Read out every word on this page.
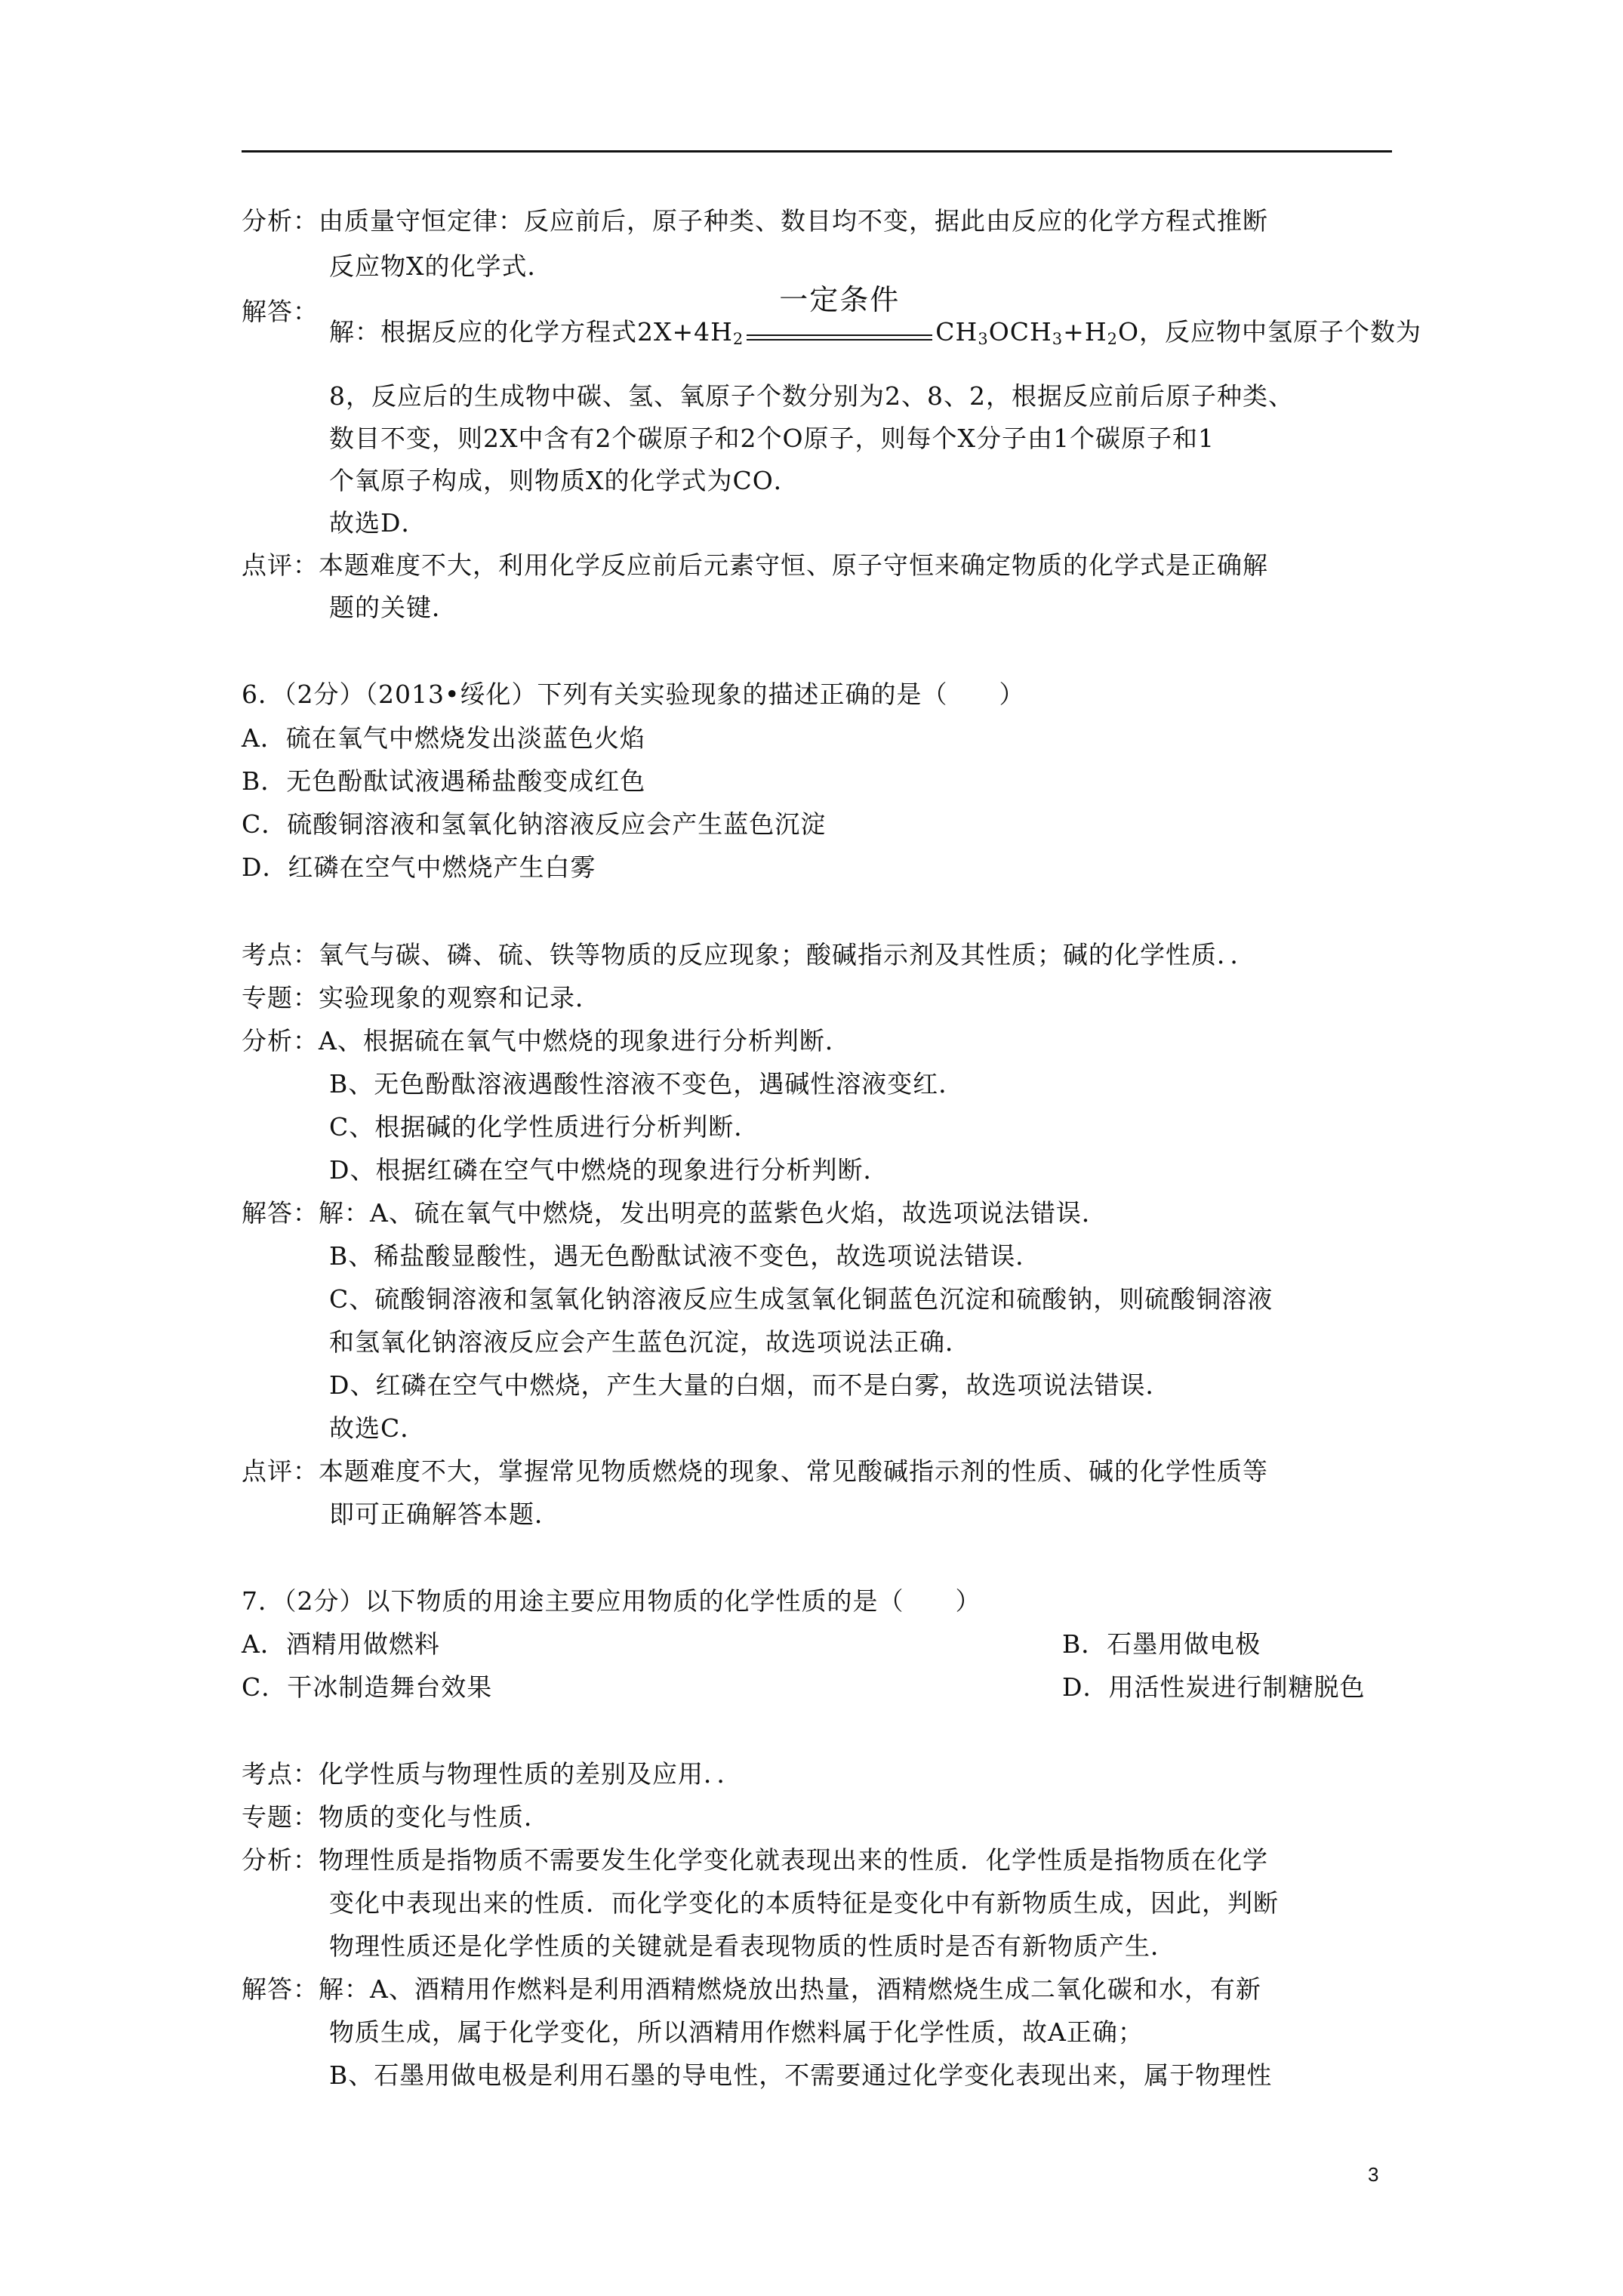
分析：由质量守恒定律：反应前后，原子种类、数目均不变，据此由反应的化学方程式推断
反应物X的化学式．
解答：
解：根据反应的化学方程式$2X+4H_2$
一定条件
$CH_3OCH_3+H_2O$，反应物中氢原子个数为
8，反应后的生成物中碳、氢、氧原子个数分别为2、8、2，根据反应前后原子种类、
数目不变，则2X中含有2个碳原子和2个O原子，则每个X分子由1个碳原子和1
个氧原子构成，则物质X的化学式为CO．
故选D．
点评：本题难度不大，利用化学反应前后元素守恒、原子守恒来确定物质的化学式是正确解
题的关键．
6．（2分）（2013•绥化）下列有关实验现象的描述正确的是（　　）
A．硫在氧气中燃烧发出淡蓝色火焰
B．无色酚酞试液遇稀盐酸变成红色
C．硫酸铜溶液和氢氧化钠溶液反应会产生蓝色沉淀
D．红磷在空气中燃烧产生白雾
考点：氧气与碳、磷、硫、铁等物质的反应现象；酸碱指示剂及其性质；碱的化学性质．．
专题：实验现象的观察和记录．
分析：A、根据硫在氧气中燃烧的现象进行分析判断．
B、无色酚酞溶液遇酸性溶液不变色，遇碱性溶液变红．
C、根据碱的化学性质进行分析判断．
D、根据红磷在空气中燃烧的现象进行分析判断．
解答：解：A、硫在氧气中燃烧，发出明亮的蓝紫色火焰，故选项说法错误．
B、稀盐酸显酸性，遇无色酚酞试液不变色，故选项说法错误．
C、硫酸铜溶液和氢氧化钠溶液反应生成氢氧化铜蓝色沉淀和硫酸钠，则硫酸铜溶液
和氢氧化钠溶液反应会产生蓝色沉淀，故选项说法正确．
D、红磷在空气中燃烧，产生大量的白烟，而不是白雾，故选项说法错误．
故选C．
点评：本题难度不大，掌握常见物质燃烧的现象、常见酸碱指示剂的性质、碱的化学性质等
即可正确解答本题．
7．（2分）以下物质的用途主要应用物质的化学性质的是（　　）
A．酒精用做燃料	B．石墨用做电极
C．干冰制造舞台效果	D．用活性炭进行制糖脱色
考点：化学性质与物理性质的差别及应用．．
专题：物质的变化与性质．
分析：物理性质是指物质不需要发生化学变化就表现出来的性质．化学性质是指物质在化学
变化中表现出来的性质．而化学变化的本质特征是变化中有新物质生成，因此，判断
物理性质还是化学性质的关键就是看表现物质的性质时是否有新物质产生．
解答：解：A、酒精用作燃料是利用酒精燃烧放出热量，酒精燃烧生成二氧化碳和水，有新
物质生成，属于化学变化，所以酒精用作燃料属于化学性质，故A正确；
B、石墨用做电极是利用石墨的导电性，不需要通过化学变化表现出来，属于物理性
3
